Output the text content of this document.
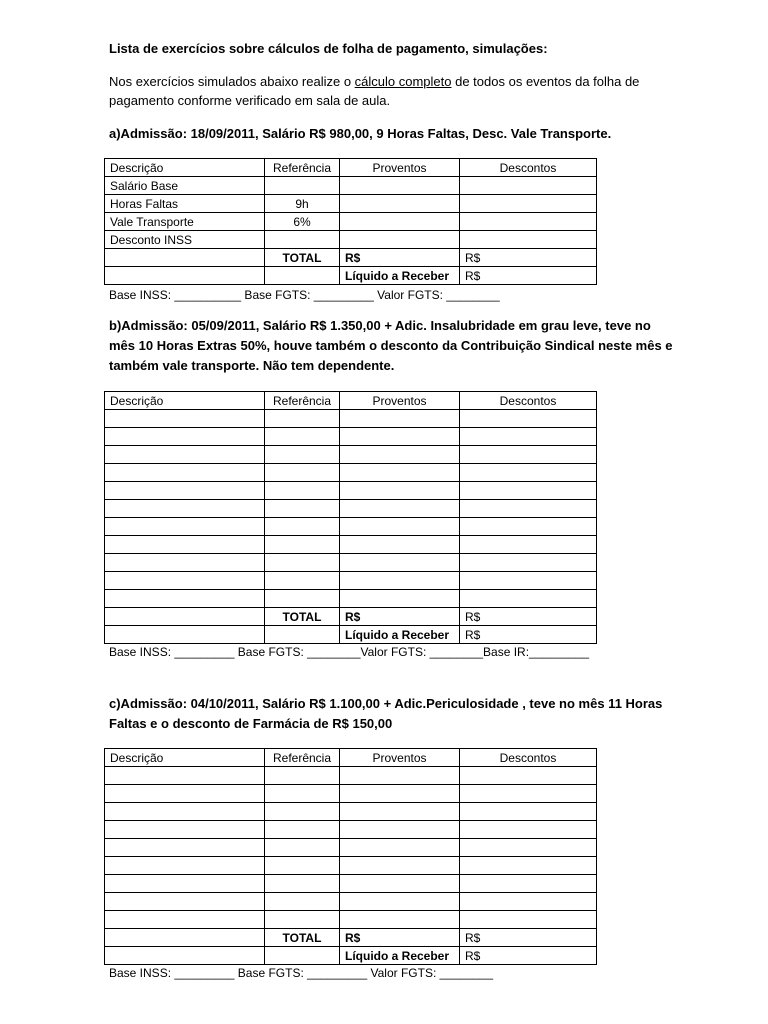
Lista de exercícios sobre cálculos de folha de pagamento, simulações:
Nos exercícios simulados abaixo realize o cálculo completo de todos os eventos da folha de
pagamento conforme verificado em sala de aula.
a)Admissão: 18/09/2011, Salário R$ 980,00, 9 Horas Faltas, Desc. Vale Transporte.
Descrição	Referência	Proventos	Descontos
Salário Base			
Horas Faltas	9h		
Vale Transporte	6%		
Desconto INSS			
	TOTAL	R$	R$
		Líquido a Receber	R$
Base INSS: __________ Base FGTS: _________ Valor FGTS: ________
b)Admissão: 05/09/2011, Salário R$ 1.350,00 + Adic. Insalubridade em grau leve, teve no
mês 10 Horas Extras 50%, houve também o desconto da Contribuição Sindical neste mês e
também vale transporte. Não tem dependente.
Descrição	Referência	Proventos	Descontos

	TOTAL	R$	R$
		Líquido a Receber	R$
Base INSS: _________ Base FGTS: ________Valor FGTS: ________Base IR:_________
c)Admissão: 04/10/2011, Salário R$ 1.100,00 + Adic.Periculosidade , teve no mês 11 Horas
Faltas e o desconto de Farmácia de R$ 150,00
Descrição	Referência	Proventos	Descontos

	TOTAL	R$	R$
		Líquido a Receber	R$
Base INSS: _________ Base FGTS: _________ Valor FGTS: ________
